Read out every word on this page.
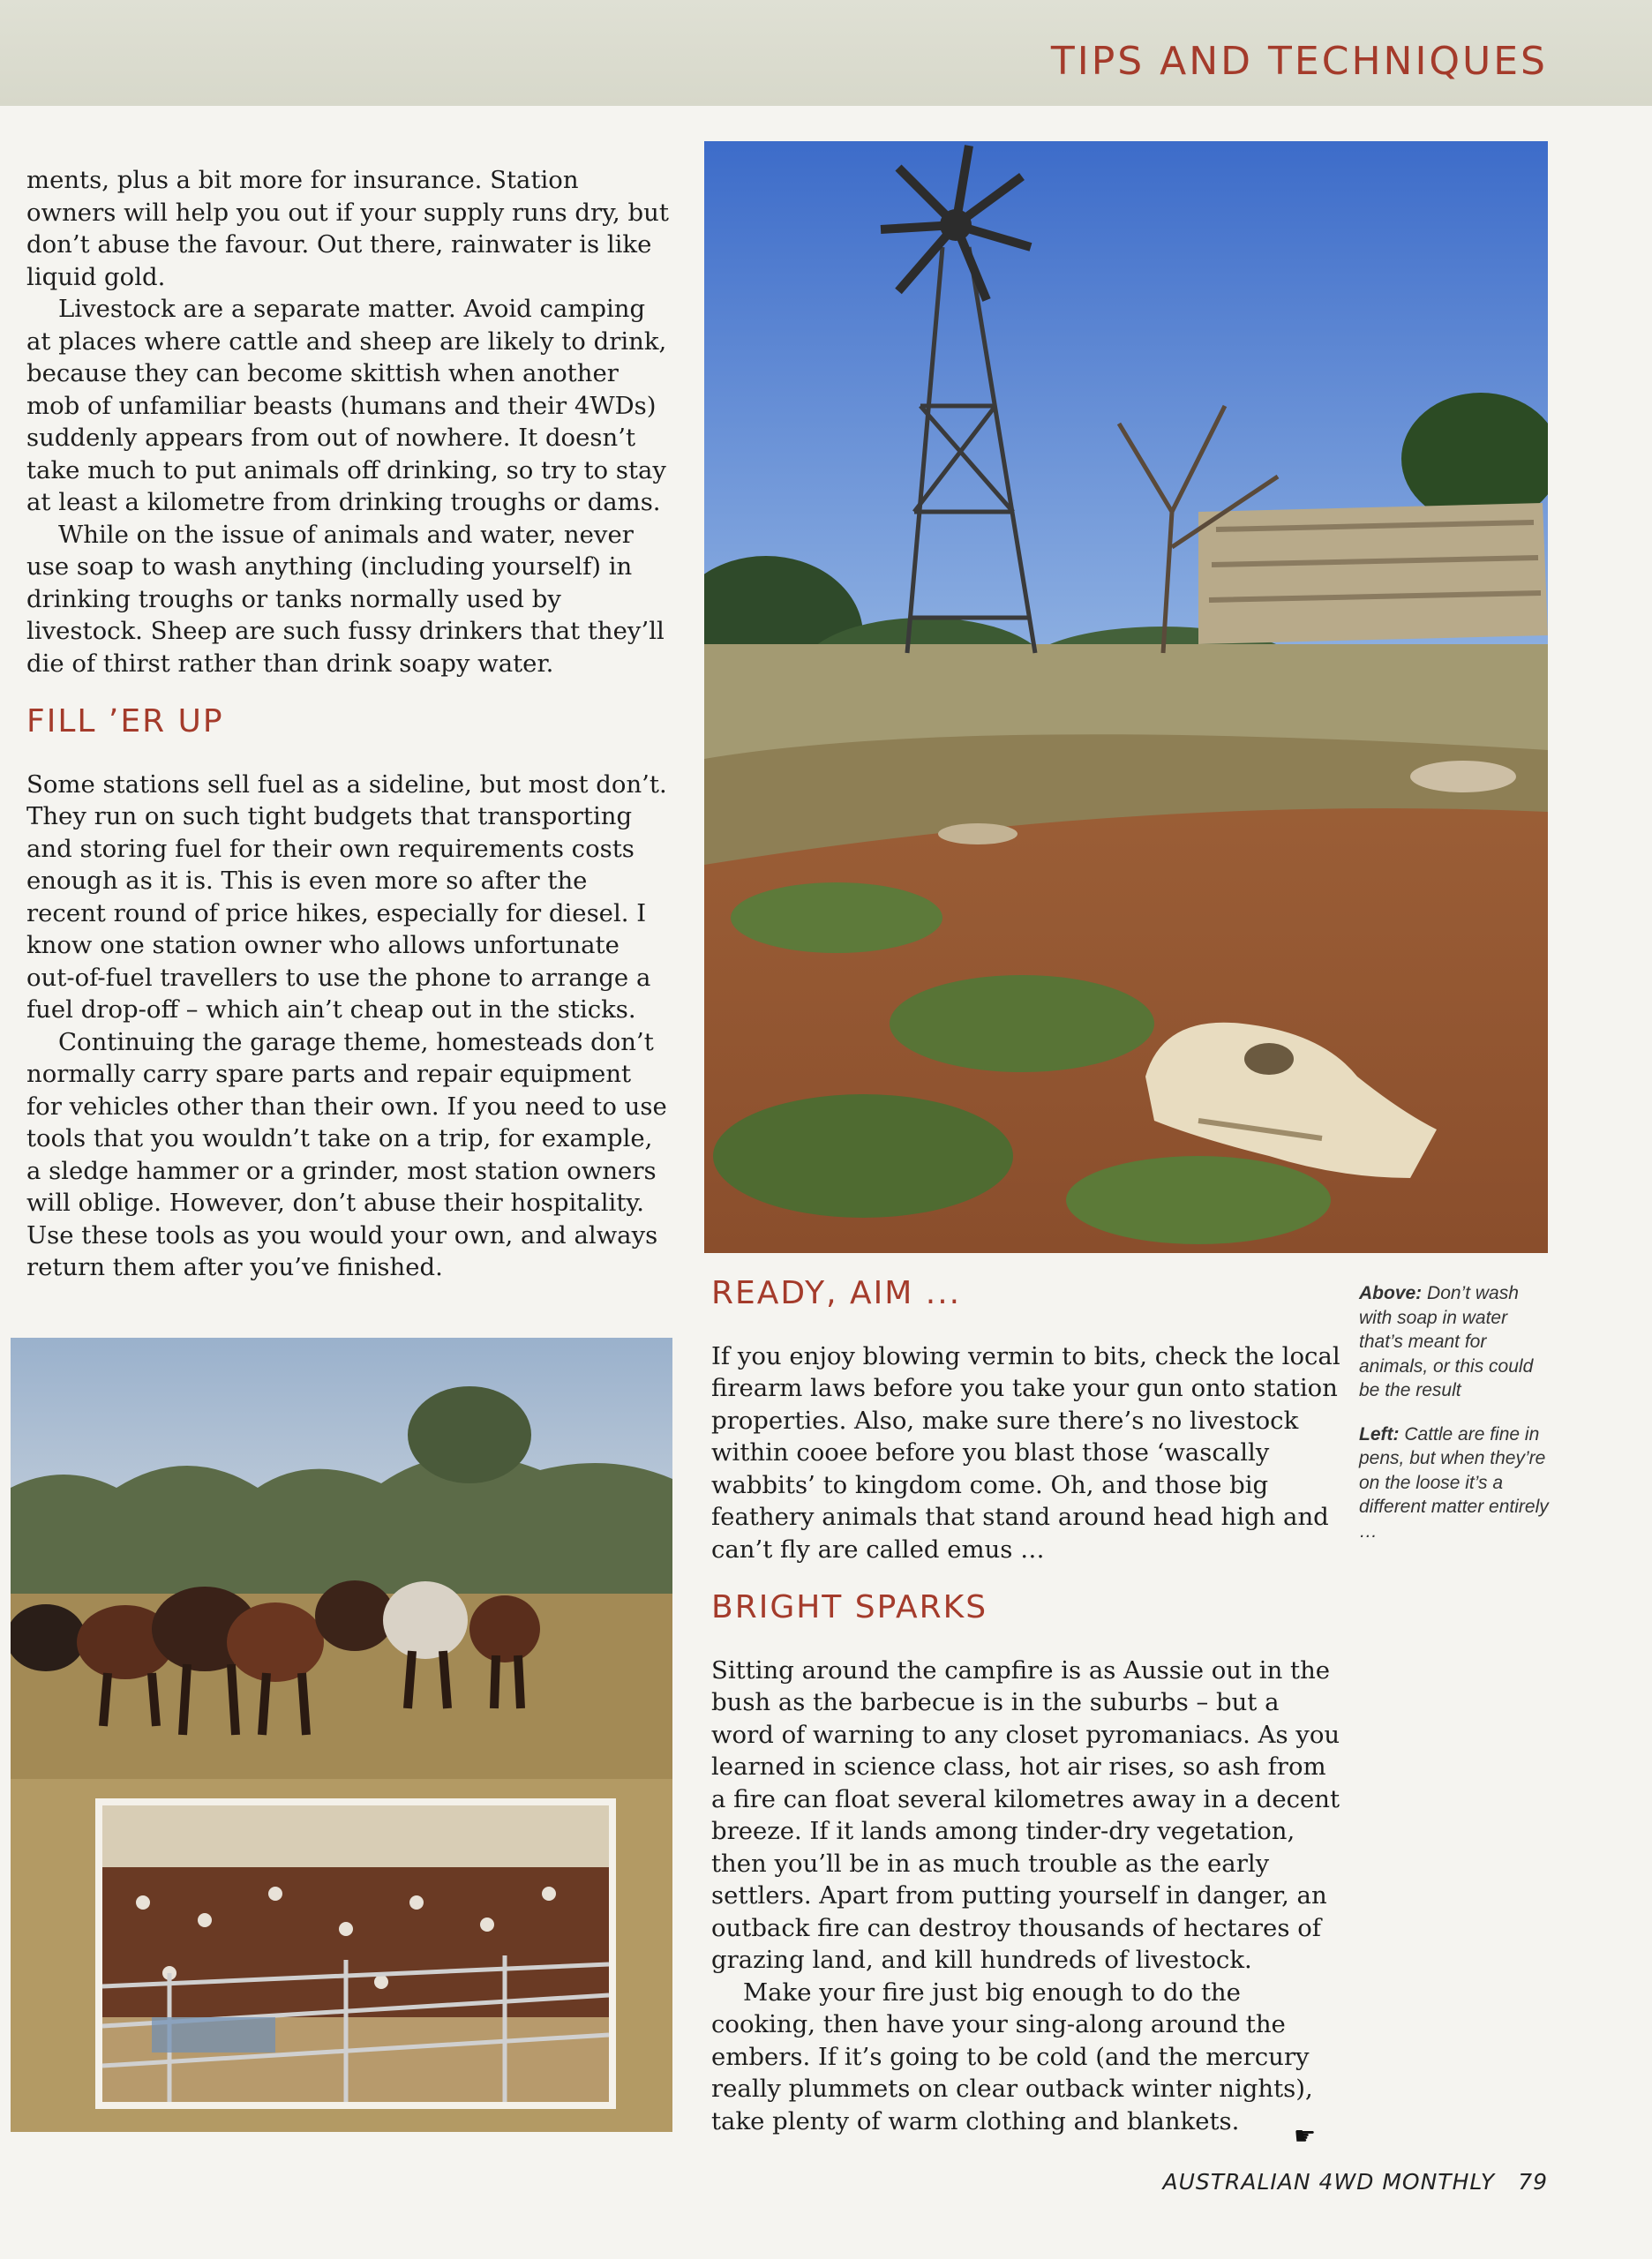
TIPS AND TECHNIQUES

ments, plus a bit more for insurance. Station owners will help you out if your supply runs dry, but don’t abuse the favour. Out there, rainwater is like liquid gold.

Livestock are a separate matter. Avoid camping at places where cattle and sheep are likely to drink, because they can become skittish when another mob of unfamiliar beasts (humans and their 4WDs) suddenly appears from out of nowhere. It doesn’t take much to put animals off drinking, so try to stay at least a kilometre from drinking troughs or dams.

While on the issue of animals and water, never use soap to wash anything (including yourself) in drinking troughs or tanks normally used by livestock. Sheep are such fussy drinkers that they’ll die of thirst rather than drink soapy water.

FILL ’ER UP

Some stations sell fuel as a sideline, but most don’t. They run on such tight budgets that transporting and storing fuel for their own requirements costs enough as it is. This is even more so after the recent round of price hikes, especially for diesel. I know one station owner who allows unfortunate out-of-fuel travellers to use the phone to arrange a fuel drop-off – which ain’t cheap out in the sticks.

Continuing the garage theme, homesteads don’t normally carry spare parts and repair equipment for vehicles other than their own. If you need to use tools that you wouldn’t take on a trip, for example, a sledge hammer or a grinder, most station owners will oblige. However, don’t abuse their hospitality. Use these tools as you would your own, and always return them after you’ve finished.

READY, AIM ...

If you enjoy blowing vermin to bits, check the local firearm laws before you take your gun onto station properties. Also, make sure there’s no livestock within cooee before you blast those ‘wascally wabbits’ to kingdom come. Oh, and those big feathery animals that stand around head high and can’t fly are called emus …

BRIGHT SPARKS

Sitting around the campfire is as Aussie out in the bush as the barbecue is in the suburbs – but a word of warning to any closet pyromaniacs. As you learned in science class, hot air rises, so ash from a fire can float several kilometres away in a decent breeze. If it lands among tinder-dry vegetation, then you’ll be in as much trouble as the early settlers. Apart from putting yourself in danger, an outback fire can destroy thousands of hectares of grazing land, and kill hundreds of livestock.

Make your fire just big enough to do the cooking, then have your sing-along around the embers. If it’s going to be cold (and the mercury really plummets on clear outback winter nights), take plenty of warm clothing and blankets.

Above: Don’t wash with soap in water that’s meant for animals, or this could be the result

Left: Cattle are fine in pens, but when they’re on the loose it’s a different matter entirely …

☛
AUSTRALIAN 4WD MONTHLY 79
